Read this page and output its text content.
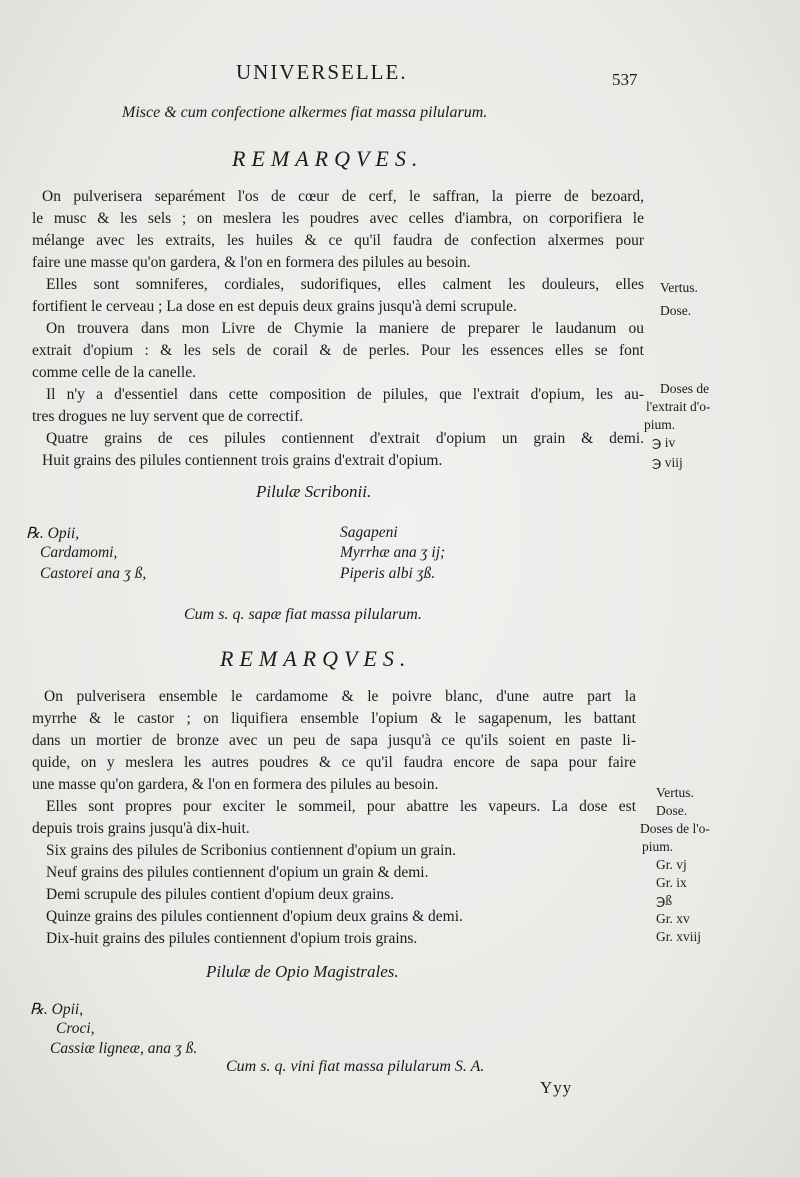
UNIVERSELLE.	537
Misce & cum confectione alkermes fiat massa pilularum.
REMARQVES.
On pulverisera separément l'os de cœur de cerf, le saffran, la pierre de bezoard,
le musc & les sels ; on meslera les poudres avec celles d'iambra, on corporifiera le
mélange avec les extraits, les huiles & ce qu'il faudra de confection alxermes pour
faire une masse qu'on gardera, & l'on en formera des pilules au besoin.
Elles sont somniferes, cordiales, sudorifiques, elles calment les douleurs, elles
fortifient le cerveau ; La dose en est depuis deux grains jusqu'à demi scrupule.
On trouvera dans mon Livre de Chymie la maniere de preparer le laudanum ou
extrait d'opium : & les sels de corail & de perles. Pour les essences elles se font
comme celle de la canelle.
Il n'y a d'essentiel dans cette composition de pilules, que l'extrait d'opium, les au-
tres drogues ne luy servent que de correctif.
Quatre grains de ces pilules contiennent d'extrait d'opium un grain & demi.
Huit grains des pilules contiennent trois grains d'extrait d'opium.
Vertus.
Dose.
Doses de
l'extrait d'o-
pium.
℈ iv
℈ viij
Pilulæ Scribonii.
℞. Opii,
Cardamomi,
Castorei ana ʒ ß,
Sagapeni
Myrrhæ ana ʒ ij;
Piperis albi ʒß.
Cum s. q. sapæ fiat massa pilularum.
REMARQVES.
On pulverisera ensemble le cardamome & le poivre blanc, d'une autre part la
myrrhe & le castor ; on liquifiera ensemble l'opium & le sagapenum, les battant
dans un mortier de bronze avec un peu de sapa jusqu'à ce qu'ils soient en paste li-
quide, on y meslera les autres poudres & ce qu'il faudra encore de sapa pour faire
une masse qu'on gardera, & l'on en formera des pilules au besoin.
Elles sont propres pour exciter le sommeil, pour abattre les vapeurs. La dose est
depuis trois grains jusqu'à dix-huit.
Six grains des pilules de Scribonius contiennent d'opium un grain.
Neuf grains des pilules contiennent d'opium un grain & demi.
Demi scrupule des pilules contient d'opium deux grains.
Quinze grains des pilules contiennent d'opium deux grains & demi.
Dix-huit grains des pilules contiennent d'opium trois grains.
Vertus.
Dose.
Doses de l'o-
pium.
Gr. vj
Gr. ix
℈ß
Gr. xv
Gr. xviij
Pilulæ de Opio Magistrales.
℞. Opii,
Croci,
Cassiæ ligneæ, ana ʒ ß.
Cum s. q. vini fiat massa pilularum S. A.
Yyy
